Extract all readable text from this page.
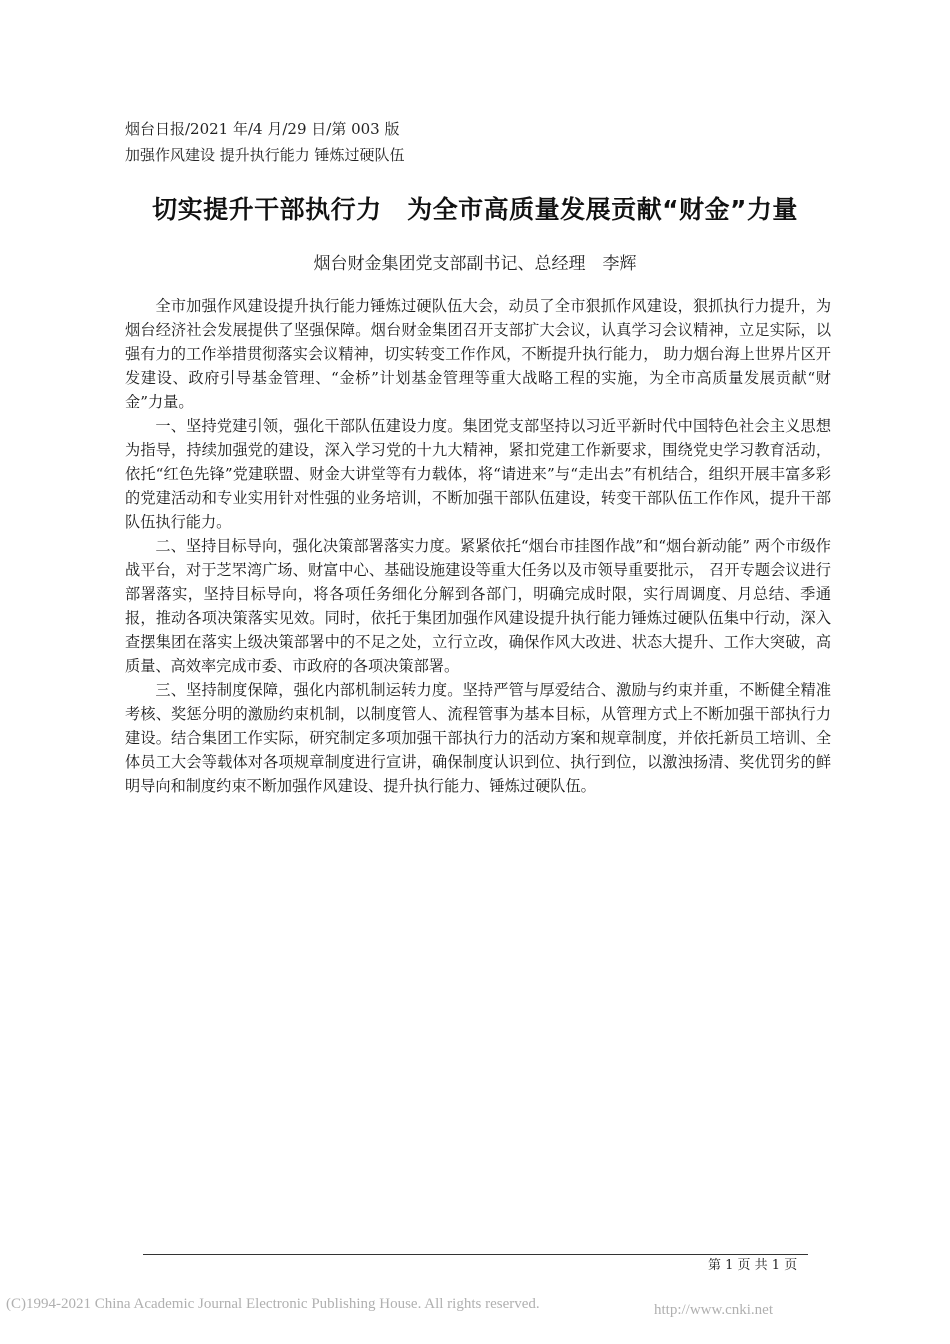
烟台日报/2021 年/4 月/29 日/第 003 版
加强作风建设 提升执行能力 锤炼过硬队伍
切实提升干部执行力　为全市高质量发展贡献“财金”力量
烟台财金集团党支部副书记、总经理　李辉

全市加强作风建设提升执行能力锤炼过硬队伍大会，动员了全市狠抓作风建设，狠抓执行力提升，为烟台经济社会发展提供了坚强保障。烟台财金集团召开支部扩大会议，认真学习会议精神，立足实际，以强有力的工作举措贯彻落实会议精神，切实转变工作作风，不断提升执行能力， 助力烟台海上世界片区开发建设、政府引导基金管理、“金桥”计划基金管理等重大战略工程的实施，为全市高质量发展贡献“财金”力量。

一、坚持党建引领，强化干部队伍建设力度。集团党支部坚持以习近平新时代中国特色社会主义思想为指导，持续加强党的建设，深入学习党的十九大精神，紧扣党建工作新要求，围绕党史学习教育活动，依托“红色先锋”党建联盟、财金大讲堂等有力载体，将“请进来”与“走出去”有机结合，组织开展丰富多彩的党建活动和专业实用针对性强的业务培训，不断加强干部队伍建设，转变干部队伍工作作风，提升干部队伍执行能力。

二、坚持目标导向，强化决策部署落实力度。紧紧依托“烟台市挂图作战”和“烟台新动能” 两个市级作战平台，对于芝罘湾广场、财富中心、基础设施建设等重大任务以及市领导重要批示， 召开专题会议进行部署落实，坚持目标导向，将各项任务细化分解到各部门，明确完成时限，实行周调度、月总结、季通报，推动各项决策落实见效。同时，依托于集团加强作风建设提升执行能力锤炼过硬队伍集中行动，深入查摆集团在落实上级决策部署中的不足之处，立行立改，确保作风大改进、状态大提升、工作大突破，高质量、高效率完成市委、市政府的各项决策部署。

三、坚持制度保障，强化内部机制运转力度。坚持严管与厚爱结合、激励与约束并重，不断健全精准考核、奖惩分明的激励约束机制，以制度管人、流程管事为基本目标，从管理方式上不断加强干部执行力建设。结合集团工作实际，研究制定多项加强干部执行力的活动方案和规章制度，并依托新员工培训、全体员工大会等载体对各项规章制度进行宣讲，确保制度认识到位、执行到位，以激浊扬清、奖优罚劣的鲜明导向和制度约束不断加强作风建设、提升执行能力、锤炼过硬队伍。

第 1 页 共 1 页
(C)1994-2021 China Academic Journal Electronic Publishing House. All rights reserved.	http://www.cnki.net
